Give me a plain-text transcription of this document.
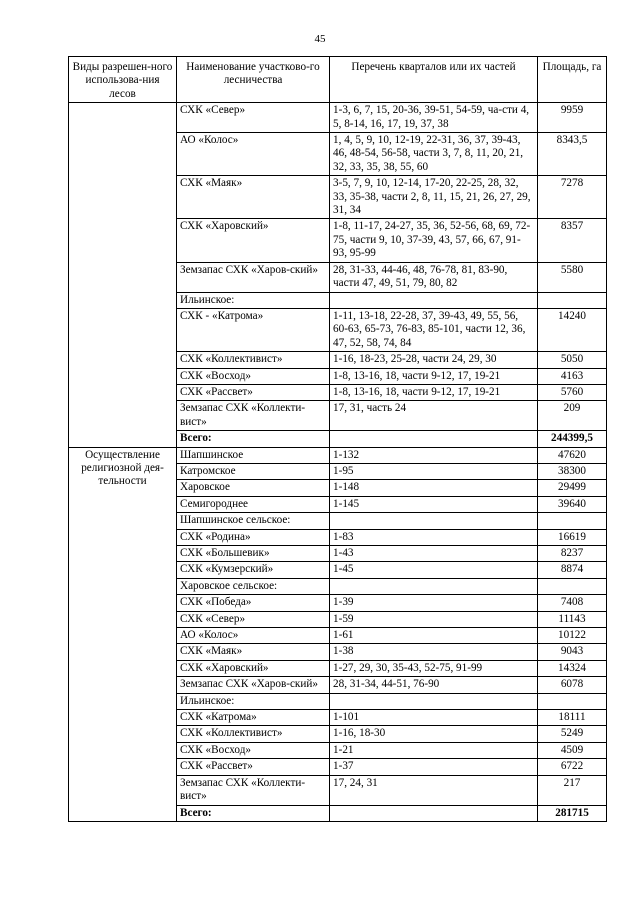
45
Виды разрешен-ного использова-ния лесов	Наименование участково-го лесничества	Перечень кварталов или их частей	Площадь, га
	СХК «Север»	1-3, 6, 7, 15, 20-36, 39-51, 54-59, ча-сти 4, 5, 8-14, 16, 17, 19, 37, 38	9959
	АО «Колос»	1, 4, 5, 9, 10, 12-19, 22-31, 36, 37, 39-43, 46, 48-54, 56-58, части 3, 7, 8, 11, 20, 21, 32, 33, 35, 38, 55, 60	8343,5
	СХК «Маяк»	3-5, 7, 9, 10, 12-14, 17-20, 22-25, 28, 32, 33, 35-38, части 2, 8, 11, 15, 21, 26, 27, 29, 31, 34	7278
	СХК «Харовский»	1-8, 11-17, 24-27, 35, 36, 52-56, 68, 69, 72-75, части 9, 10, 37-39, 43, 57, 66, 67, 91-93, 95-99	8357
	Земзапас СХК «Харов-ский»	28, 31-33, 44-46, 48, 76-78, 81, 83-90, части 47, 49, 51, 79, 80, 82	5580
	Ильинское:		
	СХК - «Катрома»	1-11, 13-18, 22-28, 37, 39-43, 49, 55, 56, 60-63, 65-73, 76-83, 85-101, части 12, 36, 47, 52, 58, 74, 84	14240
	СХК «Коллективист»	1-16, 18-23, 25-28, части 24, 29, 30	5050
	СХК «Восход»	1-8, 13-16, 18, части 9-12, 17, 19-21	4163
	СХК «Рассвет»	1-8, 13-16, 18, части 9-12, 17, 19-21	5760
	Земзапас СХК «Коллекти-вист»	17, 31, часть 24	209
	Всего:		244399,5
Осуществление религиозной дея-тельности	Шапшинское	1-132	47620
	Катромское	1-95	38300
	Харовское	1-148	29499
	Семигороднее	1-145	39640
	Шапшинское сельское:		
	СХК «Родина»	1-83	16619
	СХК «Большевик»	1-43	8237
	СХК «Кумзерский»	1-45	8874
	Харовское сельское:		
	СХК «Победа»	1-39	7408
	СХК «Север»	1-59	11143
	АО «Колос»	1-61	10122
	СХК «Маяк»	1-38	9043
	СХК «Харовский»	1-27, 29, 30, 35-43, 52-75, 91-99	14324
	Земзапас СХК «Харов-ский»	28, 31-34, 44-51, 76-90	6078
	Ильинское:		
	СХК «Катрома»	1-101	18111
	СХК «Коллективист»	1-16, 18-30	5249
	СХК «Восход»	1-21	4509
	СХК «Рассвет»	1-37	6722
	Земзапас СХК «Коллекти-вист»	17, 24, 31	217
	Всего:		281715
